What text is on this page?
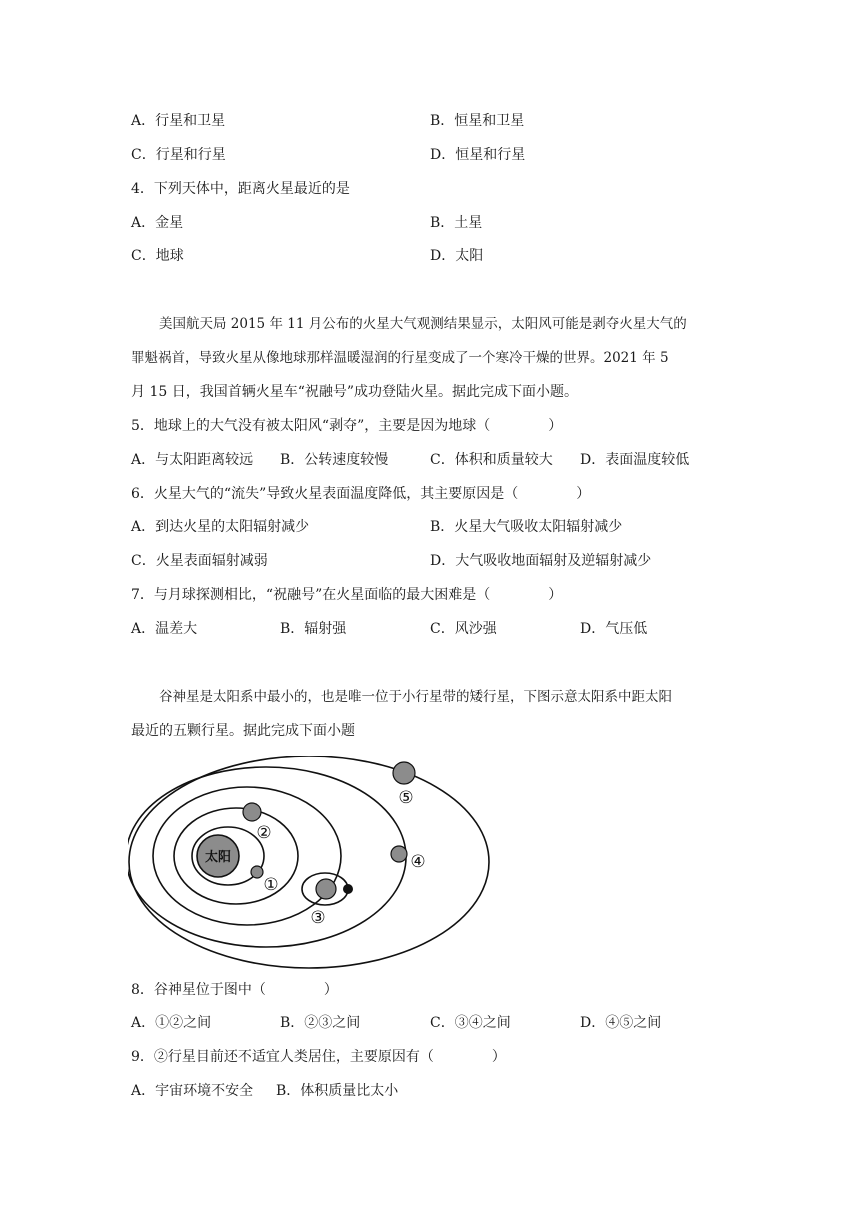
A．行星和卫星	B．恒星和卫星
C．行星和行星	D．恒星和行星
4．下列天体中，距离火星最近的是
A．金星	B．土星
C．地球	D．太阳
美国航天局 2015 年 11 月公布的火星大气观测结果显示，太阳风可能是剥夺火星大气的
罪魁祸首，导致火星从像地球那样温暖湿润的行星变成了一个寒冷干燥的世界。2021 年 5
月 15 日，我国首辆火星车“祝融号”成功登陆火星。据此完成下面小题。
5．地球上的大气没有被太阳风“剥夺”，主要是因为地球（	）
A．与太阳距离较远 B．公转速度较慢	C．体积和质量较大 D．表面温度较低
6．火星大气的“流失”导致火星表面温度降低，其主要原因是（	）
A．到达火星的太阳辐射减少	B．火星大气吸收太阳辐射减少
C．火星表面辐射减弱	D．大气吸收地面辐射及逆辐射减少
7．与月球探测相比，“祝融号”在火星面临的最大困难是（	）
A．温差大	B．辐射强	C．风沙强	D．气压低
谷神星是太阳系中最小的，也是唯一位于小行星带的矮行星，下图示意太阳系中距太阳
最近的五颗行星。据此完成下面小题
太阳
①
②
③
④
⑤
8．谷神星位于图中（	）
A．①②之间	B．②③之间	C．③④之间	D．④⑤之间
9．②行星目前还不适宜人类居住，主要原因有（	）
A．宇宙环境不安全 B．体积质量比太小
